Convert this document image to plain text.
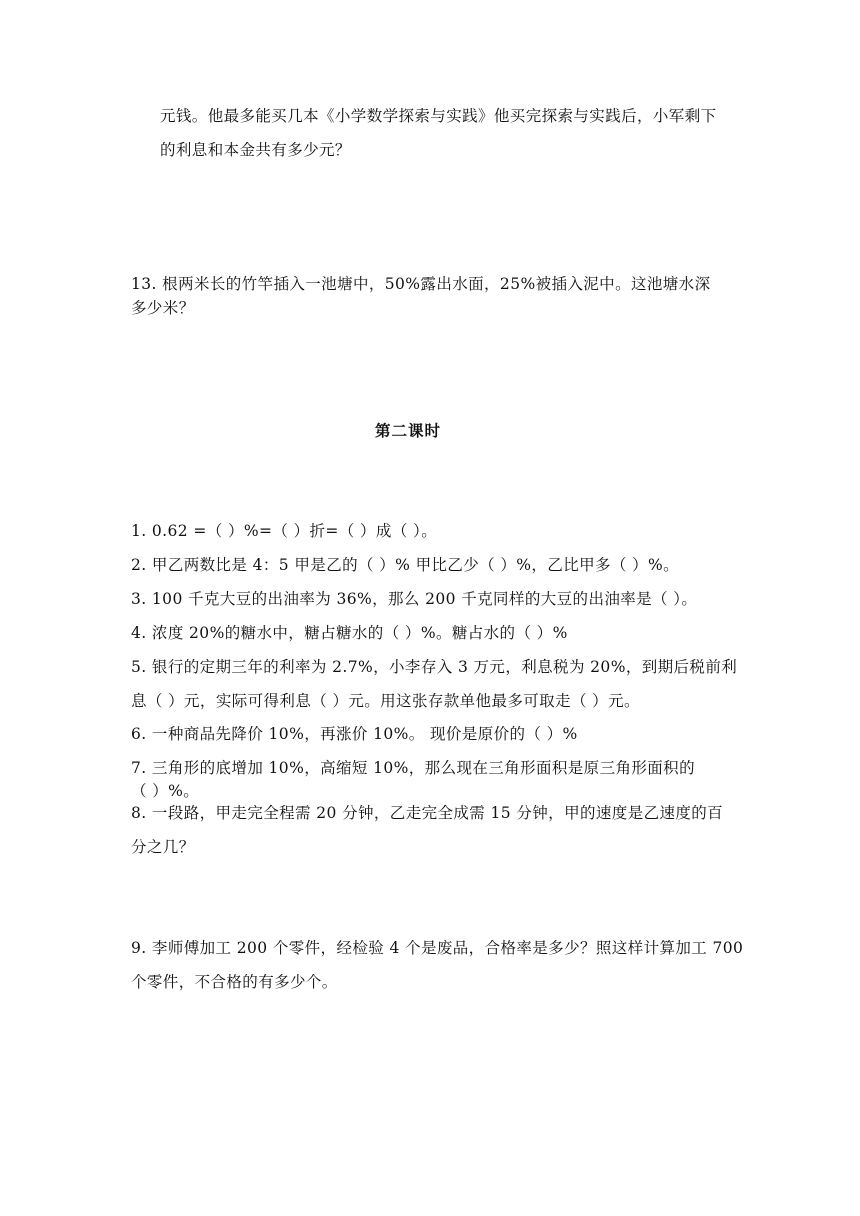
元钱。他最多能买几本《小学数学探索与实践》他买完探索与实践后，小军剩下
的利息和本金共有多少元？
13. 根两米长的竹竿插入一池塘中，50%露出水面，25%被插入泥中。这池塘水深
多少米？
第二课时
1. 0.62 =（ ）%=（ ）折=（ ）成（ ）。
2. 甲乙两数比是 4：5 甲是乙的（ ）% 甲比乙少（ ）%，乙比甲多（ ）%。
3. 100 千克大豆的出油率为 36%，那么 200 千克同样的大豆的出油率是（ ）。
4. 浓度 20%的糖水中，糖占糖水的（ ）%。糖占水的（ ）%
5. 银行的定期三年的利率为 2.7%，小李存入 3 万元，利息税为 20%，到期后税前利
息（ ）元，实际可得利息（ ）元。用这张存款单他最多可取走（ ）元。
6. 一种商品先降价 10%，再涨价 10%。 现价是原价的（ ）%
7. 三角形的底增加 10%，高缩短 10%，那么现在三角形面积是原三角形面积的
（ ）%。
8. 一段路，甲走完全程需 20 分钟，乙走完全成需 15 分钟，甲的速度是乙速度的百
分之几？
9. 李师傅加工 200 个零件，经检验 4 个是废品，合格率是多少？照这样计算加工 700
个零件，不合格的有多少个。
